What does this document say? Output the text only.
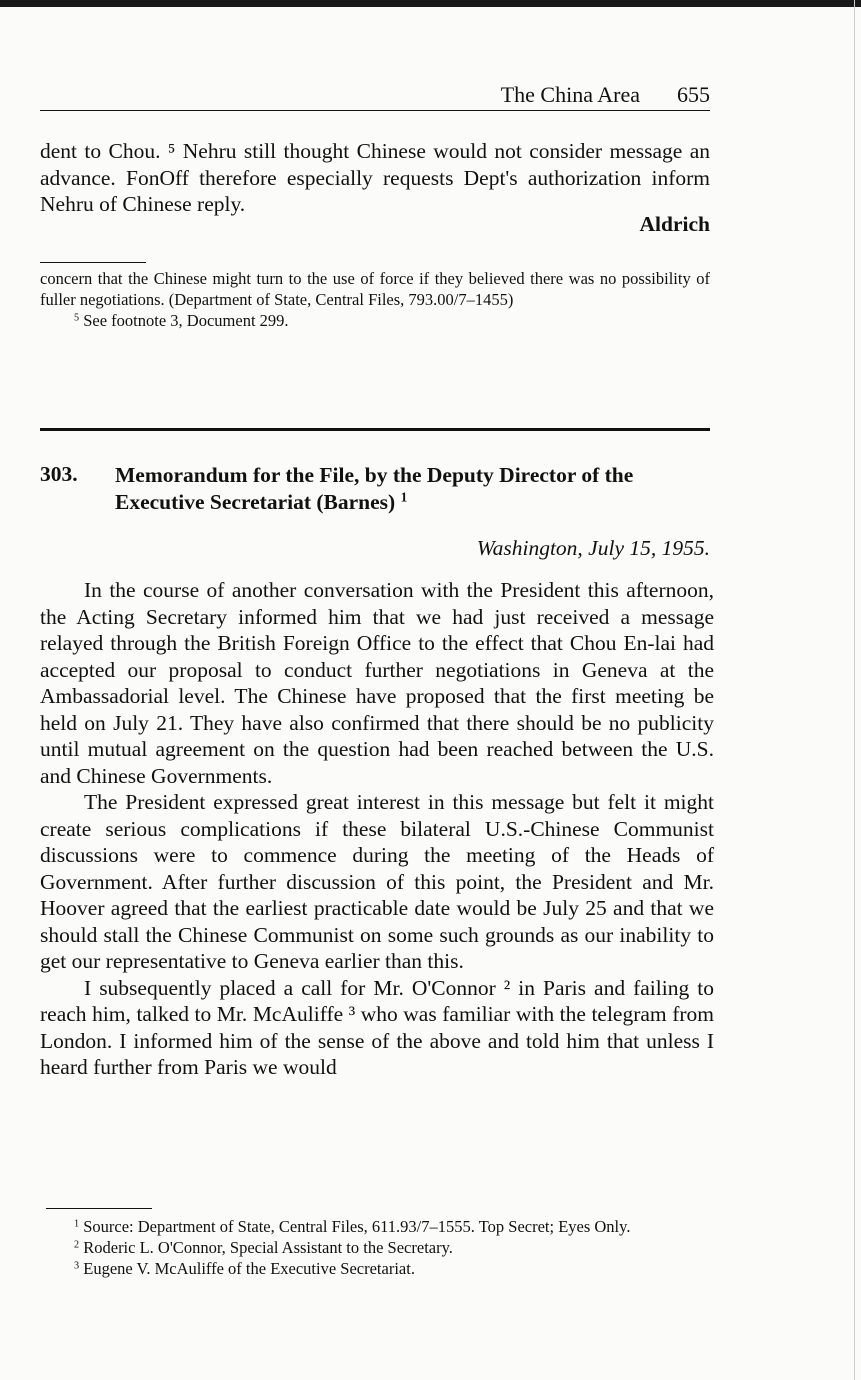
The China Area 655

dent to Chou. ⁵ Nehru still thought Chinese would not consider message an advance. FonOff therefore especially requests Dept's authorization inform Nehru of Chinese reply.

Aldrich

concern that the Chinese might turn to the use of force if they believed there was no possibility of fuller negotiations. (Department of State, Central Files, 793.00/7–1455)

$^5$ See footnote 3, Document 299.

303. Memorandum for the File, by the Deputy Director of the Executive Secretariat (Barnes) $^1$
Washington, July 15, 1955.

In the course of another conversation with the President this afternoon, the Acting Secretary informed him that we had just received a message relayed through the British Foreign Office to the effect that Chou En-lai had accepted our proposal to conduct further negotiations in Geneva at the Ambassadorial level. The Chinese have proposed that the first meeting be held on July 21. They have also confirmed that there should be no publicity until mutual agreement on the question had been reached between the U.S. and Chinese Governments.

The President expressed great interest in this message but felt it might create serious complications if these bilateral U.S.-Chinese Communist discussions were to commence during the meeting of the Heads of Government. After further discussion of this point, the President and Mr. Hoover agreed that the earliest practicable date would be July 25 and that we should stall the Chinese Communist on some such grounds as our inability to get our representative to Geneva earlier than this.

I subsequently placed a call for Mr. O'Connor ² in Paris and failing to reach him, talked to Mr. McAuliffe ³ who was familiar with the telegram from London. I informed him of the sense of the above and told him that unless I heard further from Paris we would

$^1$ Source: Department of State, Central Files, 611.93/7–1555. Top Secret; Eyes Only.

$^2$ Roderic L. O'Connor, Special Assistant to the Secretary.

$^3$ Eugene V. McAuliffe of the Executive Secretariat.
